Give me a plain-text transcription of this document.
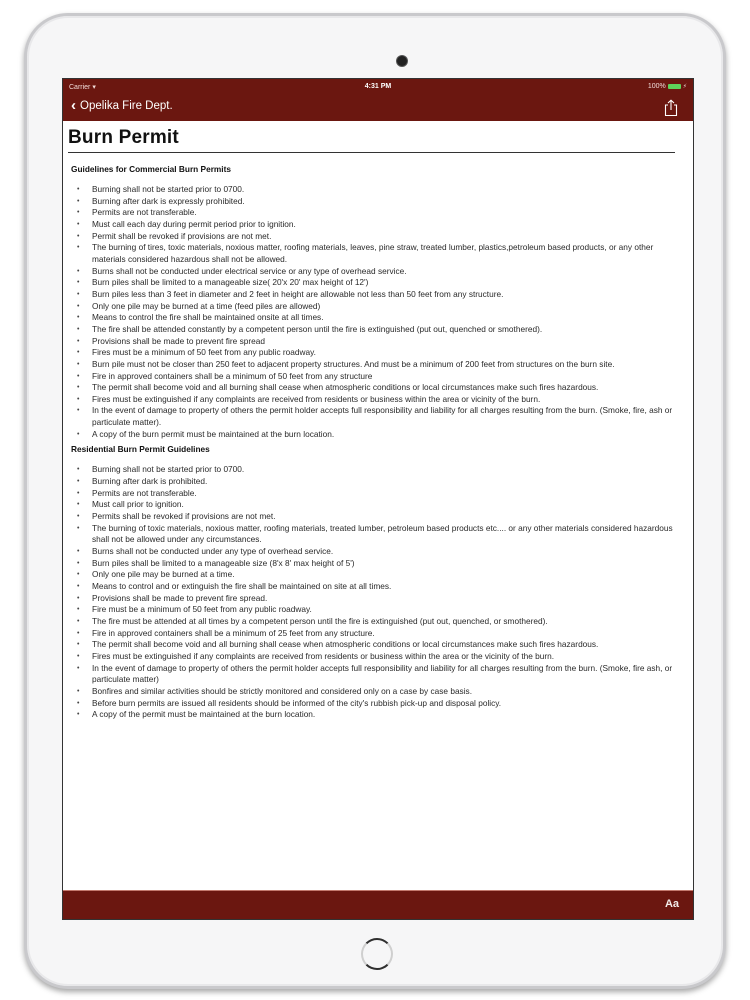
Carrier ▾	4:31 PM	100%	⚡
‹ Opelika Fire Dept.
Burn Permit
Guidelines for Commercial Burn Permits
• Burning shall not be started prior to 0700.
• Burning after dark is expressly prohibited.
• Permits are not transferable.
• Must call each day during permit period prior to ignition.
• Permit shall be revoked if provisions are not met.
• The burning of tires, toxic materials, noxious matter, roofing materials, leaves, pine straw, treated lumber, plastics,petroleum based products, or any other materials considered hazardous shall not be allowed.
• Burns shall not be conducted under electrical service or any type of overhead service.
• Burn piles shall be limited to a manageable size( 20'x 20' max height of 12')
• Burn piles less than 3 feet in diameter and 2 feet in height are allowable not less than 50 feet from any structure.
• Only one pile may be burned at a time (feed piles are allowed)
• Means to control the fire shall be maintained onsite at all times.
• The fire shall be attended constantly by a competent person until the fire is extinguished (put out, quenched or smothered).
• Provisions shall be made to prevent fire spread
• Fires must be a minimum of 50 feet from any public roadway.
• Burn pile must not be closer than 250 feet to adjacent property structures. And must be a minimum of 200 feet from structures on the burn site.
• Fire in approved containers shall be a minimum of 50 feet from any structure
• The permit shall become void and all burning shall cease when atmospheric conditions or local circumstances make such fires hazardous.
• Fires must be extinguished if any complaints are received from residents or business within the area or vicinity of the burn.
• In the event of damage to property of others the permit holder accepts full responsibility and liability for all charges resulting from the burn. (Smoke, fire, ash or particulate matter).
• A copy of the burn permit must be maintained at the burn location.
Residential Burn Permit Guidelines
• Burning shall not be started prior to 0700.
• Burning after dark is prohibited.
• Permits are not transferable.
• Must call prior to ignition.
• Permits shall be revoked if provisions are not met.
• The burning of toxic materials, noxious matter, roofing materials, treated lumber, petroleum based products etc.... or any other materials considered hazardous shall not be allowed under any circumstances.
• Burns shall not be conducted under any type of overhead service.
• Burn piles shall be limited to a manageable size (8'x 8' max height of 5')
• Only one pile may be burned at a time.
• Means to control and or extinguish the fire shall be maintained on site at all times.
• Provisions shall be made to prevent fire spread.
• Fire must be a minimum of 50 feet from any public roadway.
• The fire must be attended at all times by a competent person until the fire is extinguished (put out, quenched, or smothered).
• Fire in approved containers shall be a minimum of 25 feet from any structure.
• The permit shall become void and all burning shall cease when atmospheric conditions or local circumstances make such fires hazardous.
• Fires must be extinguished if any complaints are received from residents or business within the area or the vicinity of the burn.
• In the event of damage to property of others the permit holder accepts full responsibility and liability for all charges resulting from the burn. (Smoke, fire ash, or particulate matter)
• Bonfires and similar activities should be strictly monitored and considered only on a case by case basis.
• Before burn permits are issued all residents should be informed of the city's rubbish pick-up and disposal policy.
• A copy of the permit must be maintained at the burn location.
Aa
